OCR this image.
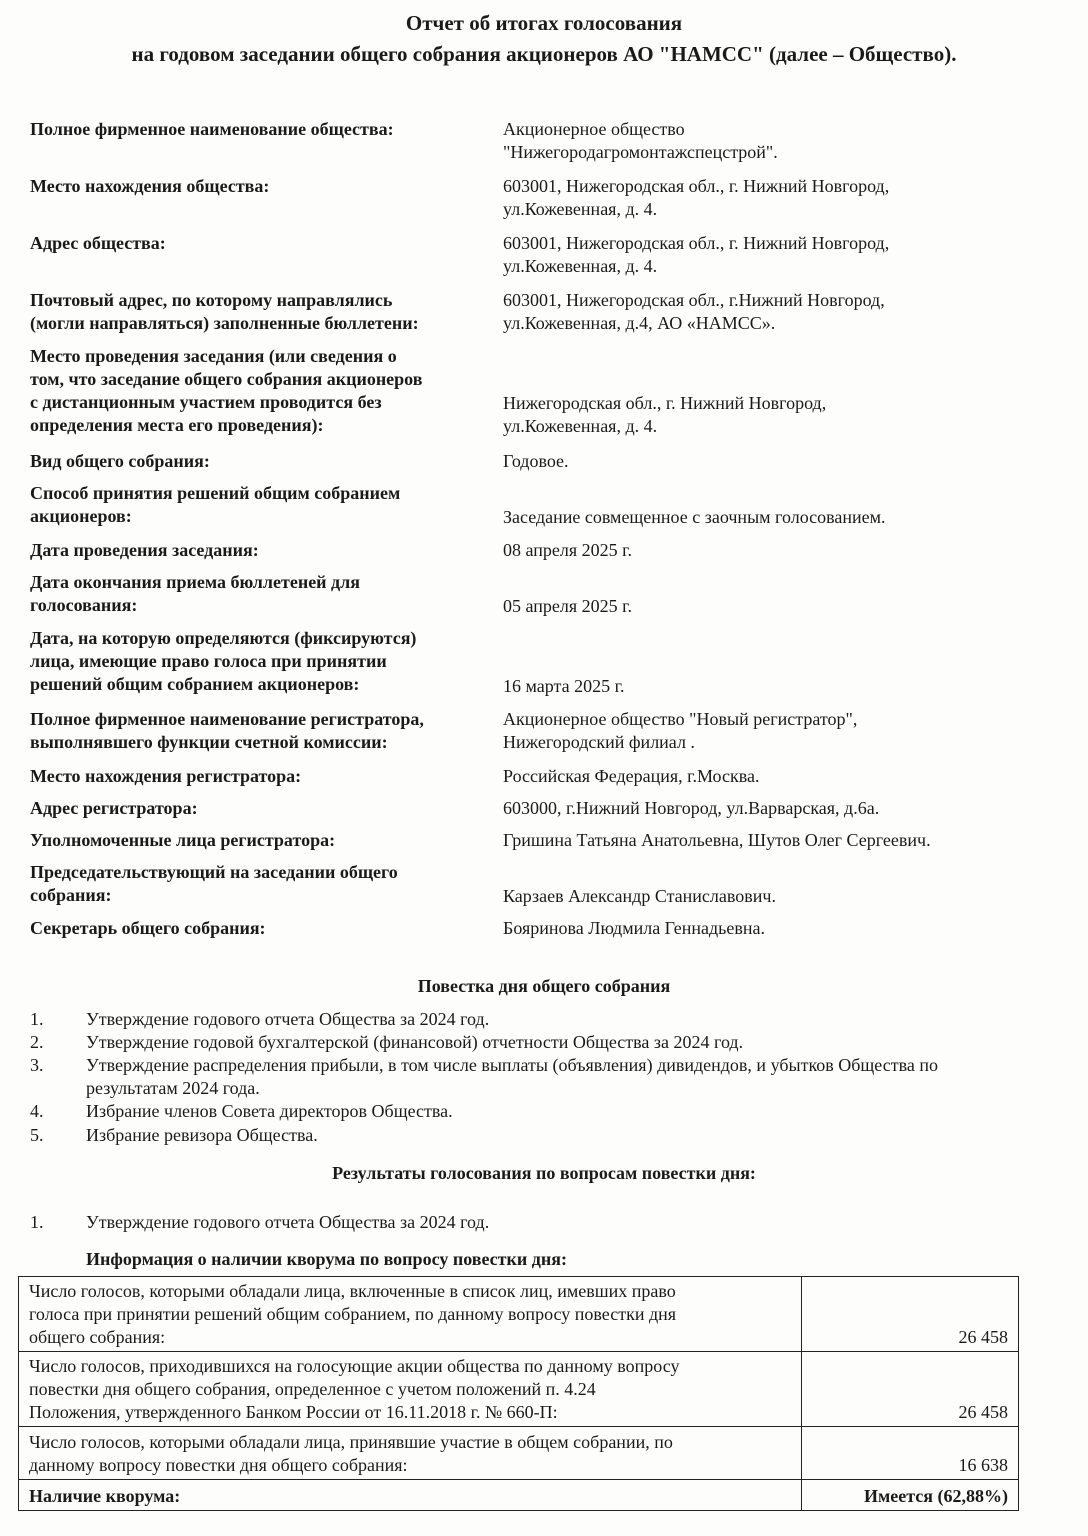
Отчет об итогах голосования
на годовом заседании общего собрания акционеров АО "НАМСС" (далее – Общество).
Полное фирменное наименование общества:	Акционерное общество
"Нижегородагромонтажспецстрой".
Место нахождения общества:	603001, Нижегородская обл., г. Нижний Новгород,
ул.Кожевенная, д. 4.
Адрес общества:	603001, Нижегородская обл., г. Нижний Новгород,
ул.Кожевенная, д. 4.
Почтовый адрес, по которому направлялись
(могли направляться) заполненные бюллетени:
603001, Нижегородская обл., г.Нижний Новгород,
ул.Кожевенная, д.4, АО «НАМСС».
Место проведения заседания (или сведения о
том, что заседание общего собрания акционеров
с дистанционным участием проводится без
определения места его проведения):
Нижегородская обл., г. Нижний Новгород,
ул.Кожевенная, д. 4.
Вид общего собрания:	Годовое.
Способ принятия решений общим собранием
акционеров:	Заседание совмещенное с заочным голосованием.
Дата проведения заседания:	08 апреля 2025 г.
Дата окончания приема бюллетеней для
голосования:	05 апреля 2025 г.
Дата, на которую определяются (фиксируются)
лица, имеющие право голоса при принятии
решений общим собранием акционеров:	16 марта 2025 г.
Полное фирменное наименование регистратора,
выполнявшего функции счетной комиссии:
Акционерное общество "Новый регистратор",
Нижегородский филиал .
Место нахождения регистратора:	Российская Федерация, г.Москва.
Адрес регистратора:	603000, г.Нижний Новгород, ул.Варварская, д.6а.
Уполномоченные лица регистратора:	Гришина Татьяна Анатольевна, Шутов Олег Сергеевич.
Председательствующий на заседании общего
собрания:	Карзаев Александр Станиславович.
Секретарь общего собрания:	Бояринова Людмила Геннадьевна.
Повестка дня общего собрания
1. Утверждение годового отчета Общества за 2024 год.
2. Утверждение годовой бухгалтерской (финансовой) отчетности Общества за 2024 год.
3. Утверждение распределения прибыли, в том числе выплаты (объявления) дивидендов, и убытков Общества по
результатам 2024 года.
4. Избрание членов Совета директоров Общества.
5. Избрание ревизора Общества.
Результаты голосования по вопросам повестки дня:
1. Утверждение годового отчета Общества за 2024 год.
Информация о наличии кворума по вопросу повестки дня:
Число голосов, которыми обладали лица, включенные в список лиц, имевших право
голоса при принятии решений общим собранием, по данному вопросу повестки дня
общего собрания:	26 458

Число голосов, приходившихся на голосующие акции общества по данному вопросу
повестки дня общего собрания, определенное с учетом положений п. 4.24
Положения, утвержденного Банком России от 16.11.2018 г. № 660-П:	26 458

Число голосов, которыми обладали лица, принявшие участие в общем собрании, по
данному вопросу повестки дня общего собрания:	16 638

Наличие кворума:	Имеется (62,88%)
